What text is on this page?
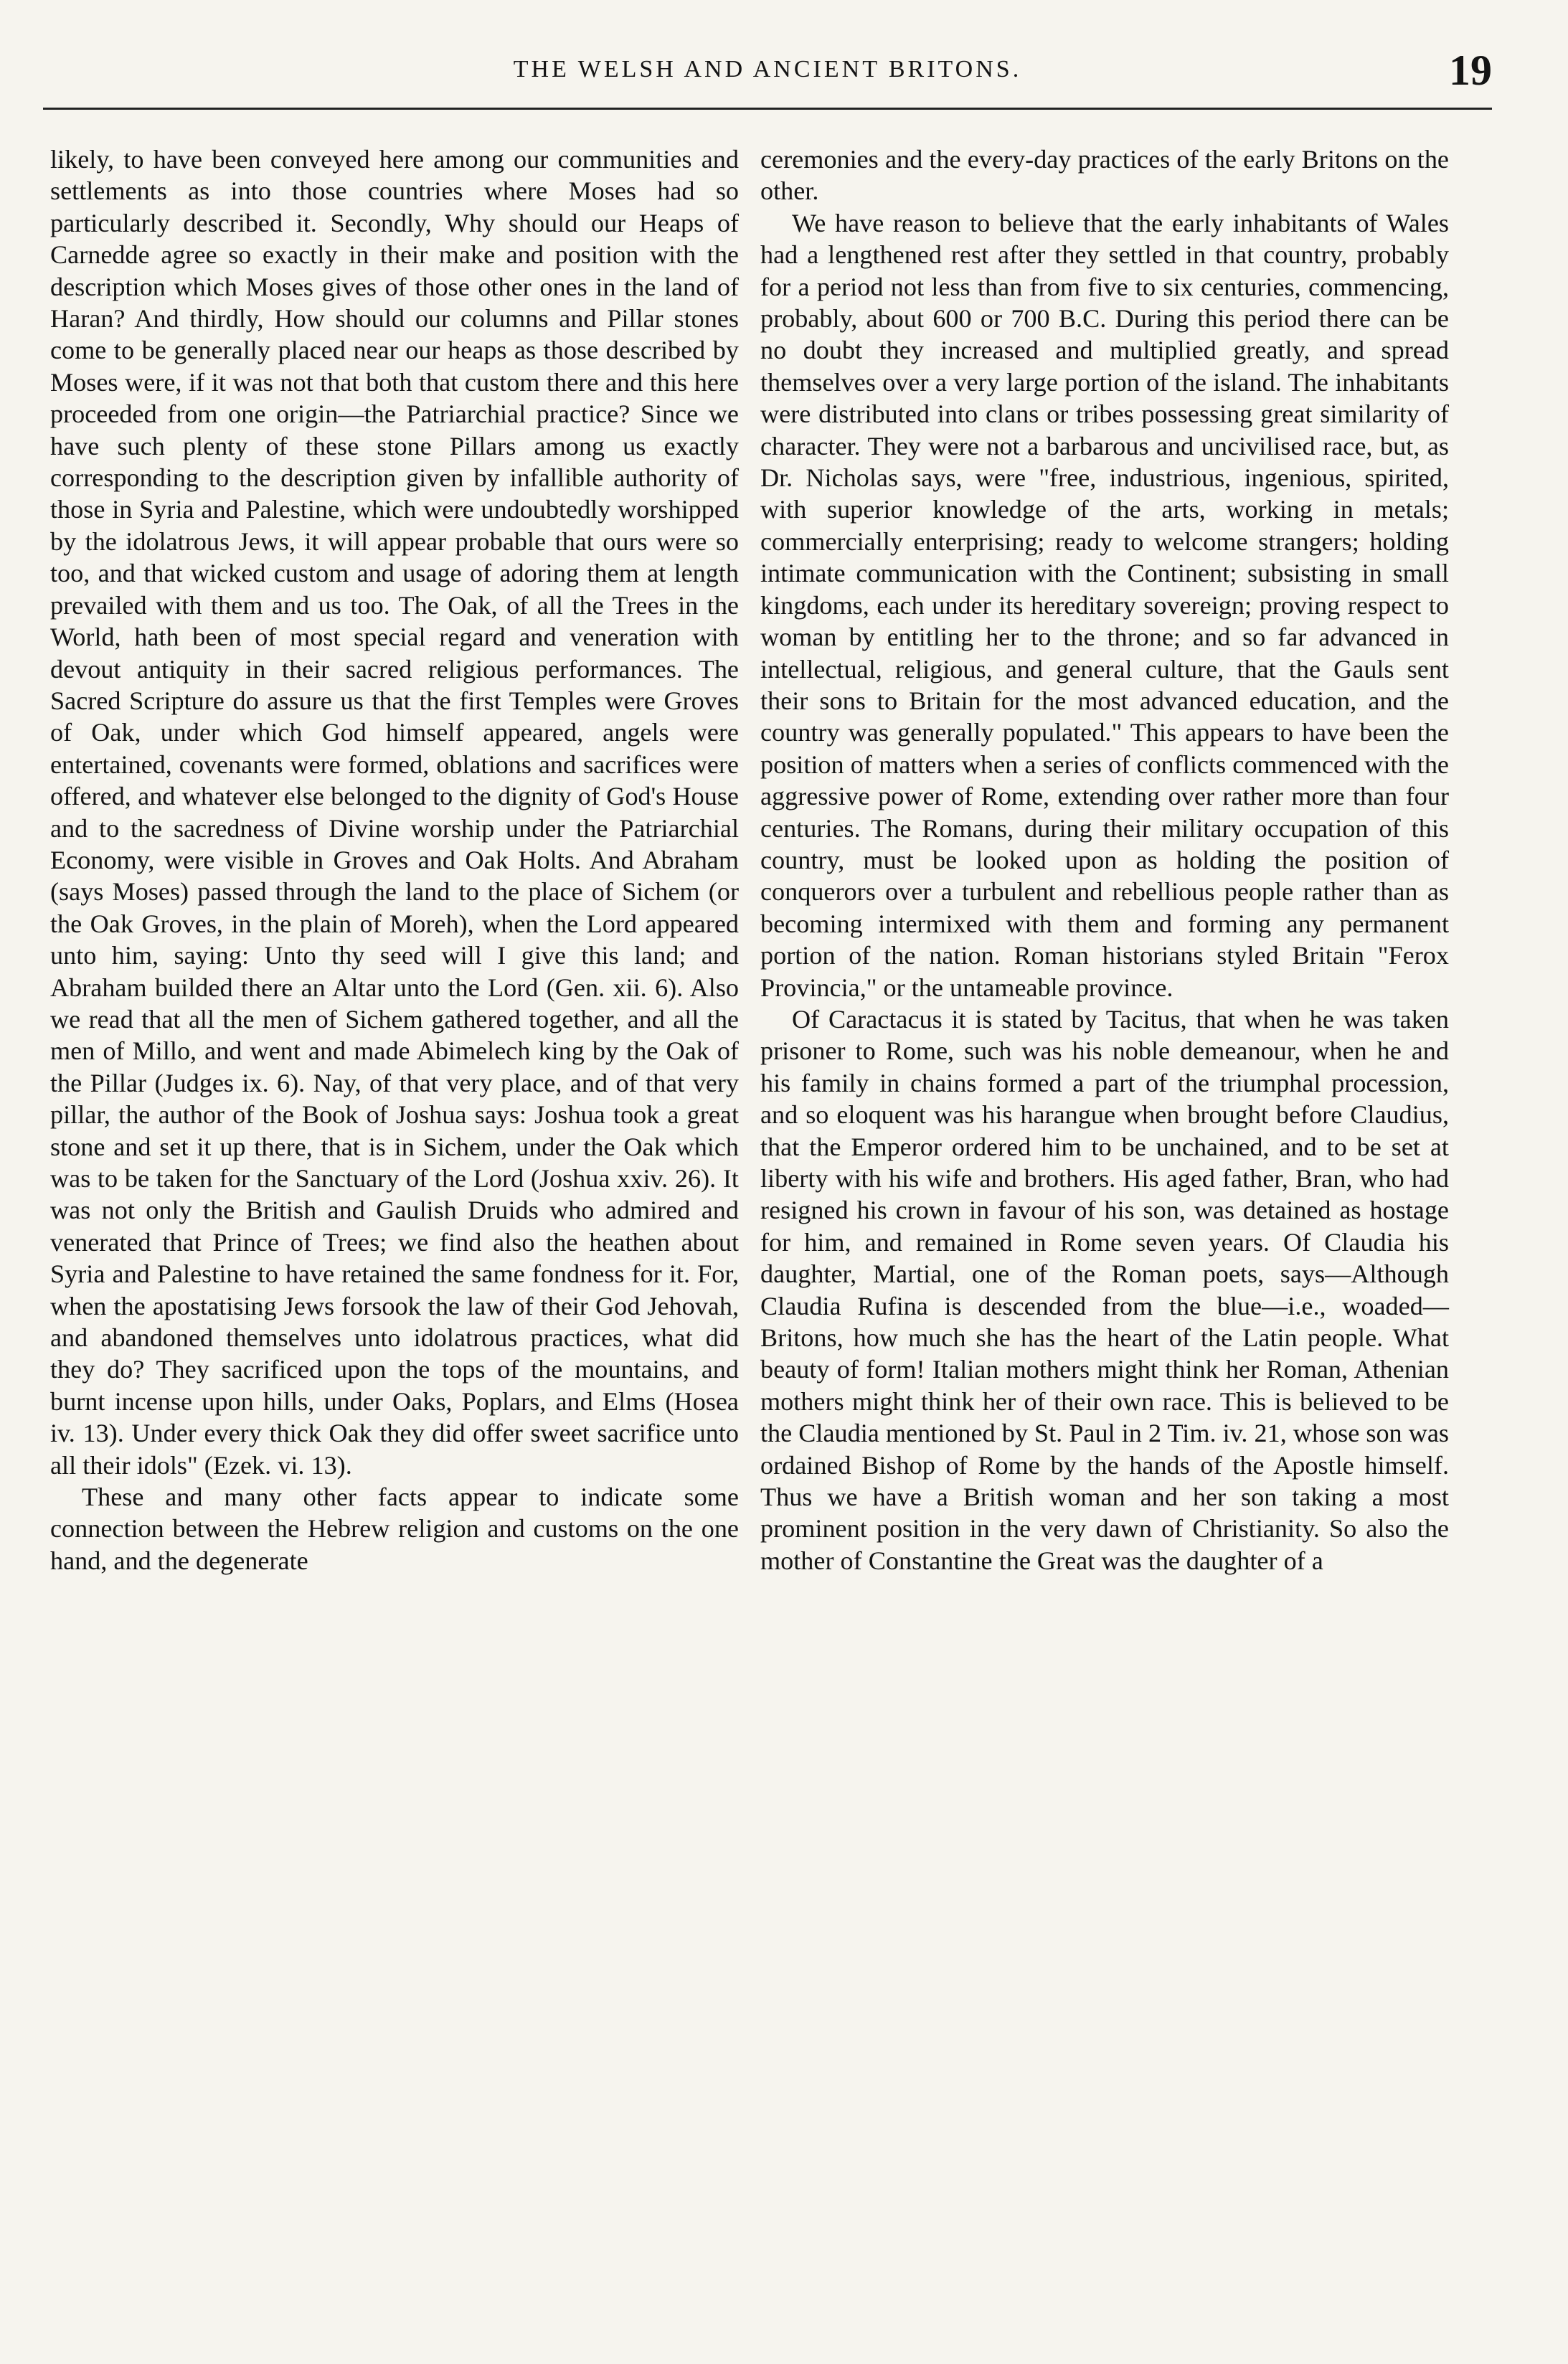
THE WELSH AND ANCIENT BRITONS.	19

likely, to have been conveyed here among our communities and settlements as into those countries where Moses had so particularly described it. Secondly, Why should our Heaps of Carnedde agree so exactly in their make and position with the description which Moses gives of those other ones in the land of Haran? And thirdly, How should our columns and Pillar stones come to be generally placed near our heaps as those described by Moses were, if it was not that both that custom there and this here proceeded from one origin—the Patriarchial practice? Since we have such plenty of these stone Pillars among us exactly corresponding to the description given by infallible authority of those in Syria and Palestine, which were undoubtedly worshipped by the idolatrous Jews, it will appear probable that ours were so too, and that wicked custom and usage of adoring them at length prevailed with them and us too. The Oak, of all the Trees in the World, hath been of most special regard and veneration with devout antiquity in their sacred religious performances. The Sacred Scripture do assure us that the first Temples were Groves of Oak, under which God himself appeared, angels were entertained, covenants were formed, oblations and sacrifices were offered, and whatever else belonged to the dignity of God's House and to the sacredness of Divine worship under the Patriarchial Economy, were visible in Groves and Oak Holts. And Abraham (says Moses) passed through the land to the place of Sichem (or the Oak Groves, in the plain of Moreh), when the Lord appeared unto him, saying: Unto thy seed will I give this land; and Abraham builded there an Altar unto the Lord (Gen. xii. 6). Also we read that all the men of Sichem gathered together, and all the men of Millo, and went and made Abimelech king by the Oak of the Pillar (Judges ix. 6). Nay, of that very place, and of that very pillar, the author of the Book of Joshua says: Joshua took a great stone and set it up there, that is in Sichem, under the Oak which was to be taken for the Sanctuary of the Lord (Joshua xxiv. 26). It was not only the British and Gaulish Druids who admired and venerated that Prince of Trees; we find also the heathen about Syria and Palestine to have retained the same fondness for it. For, when the apostatising Jews forsook the law of their God Jehovah, and abandoned themselves unto idolatrous practices, what did they do? They sacrificed upon the tops of the mountains, and burnt incense upon hills, under Oaks, Poplars, and Elms (Hosea iv. 13). Under every thick Oak they did offer sweet sacrifice unto all their idols" (Ezek. vi. 13).

These and many other facts appear to indicate some connection between the Hebrew religion and customs on the one hand, and the degenerate

ceremonies and the every-day practices of the early Britons on the other.

We have reason to believe that the early inhabitants of Wales had a lengthened rest after they settled in that country, probably for a period not less than from five to six centuries, commencing, probably, about 600 or 700 B.C. During this period there can be no doubt they increased and multiplied greatly, and spread themselves over a very large portion of the island. The inhabitants were distributed into clans or tribes possessing great similarity of character. They were not a barbarous and uncivilised race, but, as Dr. Nicholas says, were "free, industrious, ingenious, spirited, with superior knowledge of the arts, working in metals; commercially enterprising; ready to welcome strangers; holding intimate communication with the Continent; subsisting in small kingdoms, each under its hereditary sovereign; proving respect to woman by entitling her to the throne; and so far advanced in intellectual, religious, and general culture, that the Gauls sent their sons to Britain for the most advanced education, and the country was generally populated." This appears to have been the position of matters when a series of conflicts commenced with the aggressive power of Rome, extending over rather more than four centuries. The Romans, during their military occupation of this country, must be looked upon as holding the position of conquerors over a turbulent and rebellious people rather than as becoming intermixed with them and forming any permanent portion of the nation. Roman historians styled Britain "Ferox Provincia," or the untameable province.

Of Caractacus it is stated by Tacitus, that when he was taken prisoner to Rome, such was his noble demeanour, when he and his family in chains formed a part of the triumphal procession, and so eloquent was his harangue when brought before Claudius, that the Emperor ordered him to be unchained, and to be set at liberty with his wife and brothers. His aged father, Bran, who had resigned his crown in favour of his son, was detained as hostage for him, and remained in Rome seven years. Of Claudia his daughter, Martial, one of the Roman poets, says—Although Claudia Rufina is descended from the blue—i.e., woaded—Britons, how much she has the heart of the Latin people. What beauty of form! Italian mothers might think her Roman, Athenian mothers might think her of their own race. This is believed to be the Claudia mentioned by St. Paul in 2 Tim. iv. 21, whose son was ordained Bishop of Rome by the hands of the Apostle himself. Thus we have a British woman and her son taking a most prominent position in the very dawn of Christianity. So also the mother of Constantine the Great was the daughter of a
